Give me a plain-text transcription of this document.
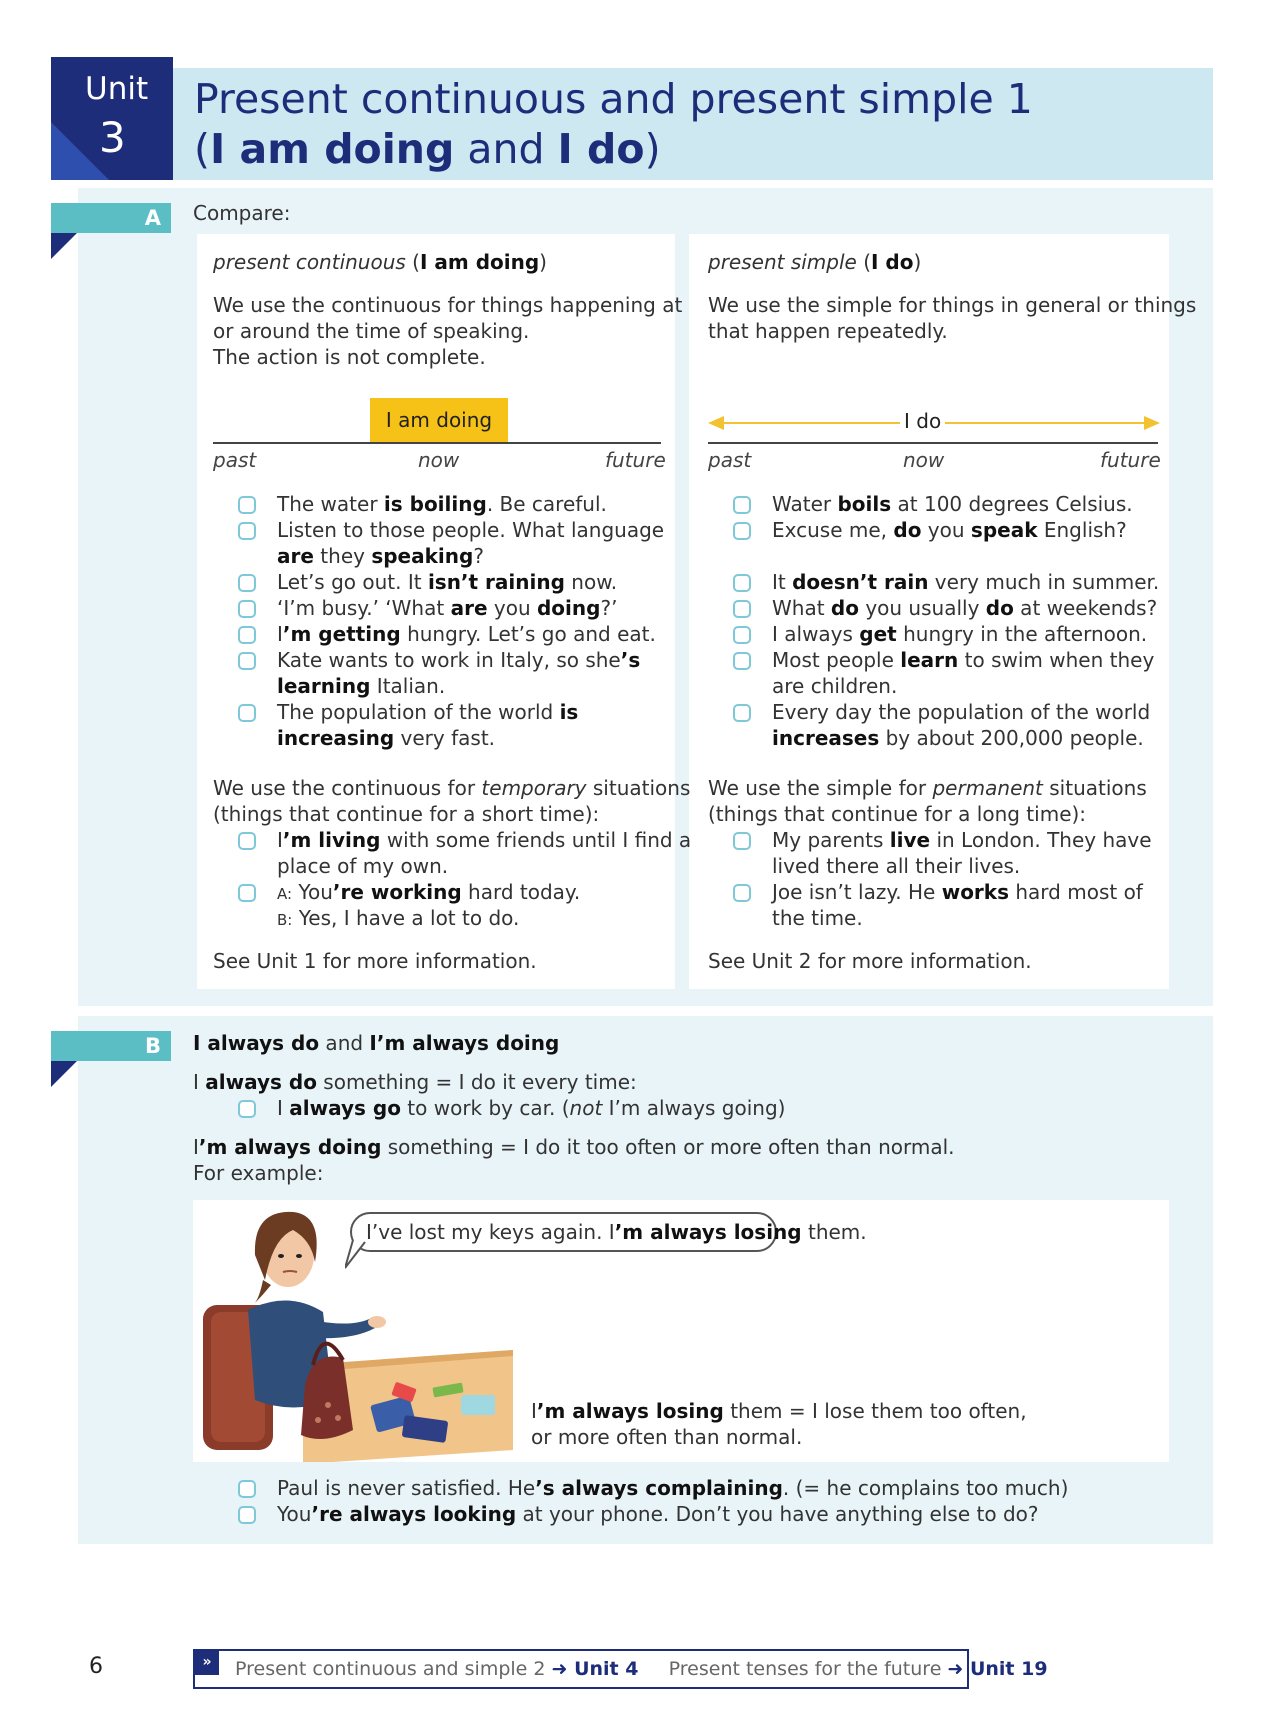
Unit
3
Present continuous and present simple 1
(I am doing and I do)
A Compare:
present continuous (I am doing)
We use the continuous for things happening at
or around the time of speaking.
The action is not complete.
I am doing
past	now	future
The water is boiling. Be careful.
Listen to those people. What language
are they speaking?
Let’s go out. It isn’t raining now.
‘I’m busy.’ ‘What are you doing?’
I’m getting hungry. Let’s go and eat.
Kate wants to work in Italy, so she’s
learning Italian.
The population of the world is
increasing very fast.
We use the continuous for temporary situations
(things that continue for a short time):
I’m living with some friends until I find a
place of my own.
A: You’re working hard today.
B: Yes, I have a lot to do.
See Unit 1 for more information.
present simple (I do)
We use the simple for things in general or things
that happen repeatedly.
I do
past	now	future
Water boils at 100 degrees Celsius.
Excuse me, do you speak English?
It doesn’t rain very much in summer.
What do you usually do at weekends?
I always get hungry in the afternoon.
Most people learn to swim when they
are children.
Every day the population of the world
increases by about 200,000 people.
We use the simple for permanent situations
(things that continue for a long time):
My parents live in London. They have
lived there all their lives.
Joe isn’t lazy. He works hard most of
the time.
See Unit 2 for more information.
B I always do and I’m always doing
I always do something = I do it every time:
I always go to work by car. (not I’m always going)
I’m always doing something = I do it too often or more often than normal.
For example:
I’ve lost my keys again. I’m always losing them.
I’m always losing them = I lose them too often,
or more often than normal.
Paul is never satisfied. He’s always complaining. (= he complains too much)
You’re always looking at your phone. Don’t you have anything else to do?
6	»	Present continuous and simple 2 ➜ Unit 4 Present tenses for the future ➜ Unit 19
